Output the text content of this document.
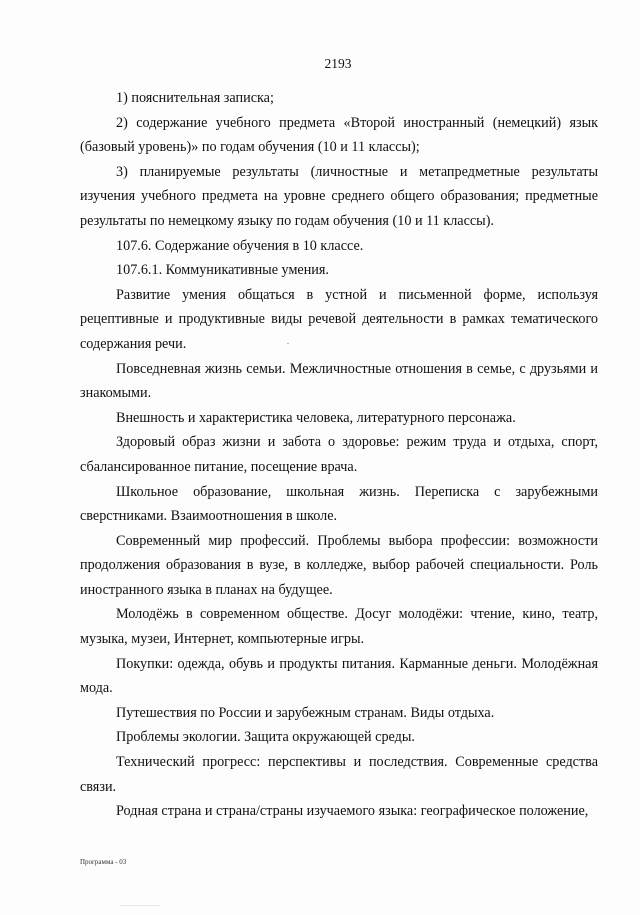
2193

1) пояснительная записка;

2) содержание учебного предмета «Второй иностранный (немецкий) язык (базовый уровень)» по годам обучения (10 и 11 классы);

3) планируемые результаты (личностные и метапредметные результаты изучения учебного предмета на уровне среднего общего образования; предметные результаты по немецкому языку по годам обучения (10 и 11 классы).

107.6. Содержание обучения в 10 классе.

107.6.1. Коммуникативные умения.

Развитие умения общаться в устной и письменной форме, используя рецептивные и продуктивные виды речевой деятельности в рамках тематического содержания речи.

Повседневная жизнь семьи. Межличностные отношения в семье, с друзьями и знакомыми.

Внешность и характеристика человека, литературного персонажа.

Здоровый образ жизни и забота о здоровье: режим труда и отдыха, спорт, сбалансированное питание, посещение врача.

Школьное образование, школьная жизнь. Переписка с зарубежными сверстниками. Взаимоотношения в школе.

Современный мир профессий. Проблемы выбора профессии: возможности продолжения образования в вузе, в колледже, выбор рабочей специальности. Роль иностранного языка в планах на будущее.

Молодёжь в современном обществе. Досуг молодёжи: чтение, кино, театр, музыка, музеи, Интернет, компьютерные игры.

Покупки: одежда, обувь и продукты питания. Карманные деньги. Молодёжная мода.

Путешествия по России и зарубежным странам. Виды отдыха.

Проблемы экологии. Защита окружающей среды.

Технический прогресс: перспективы и последствия. Современные средства связи.

Родная страна и страна/страны изучаемого языка: географическое положение,

Программа - 03
